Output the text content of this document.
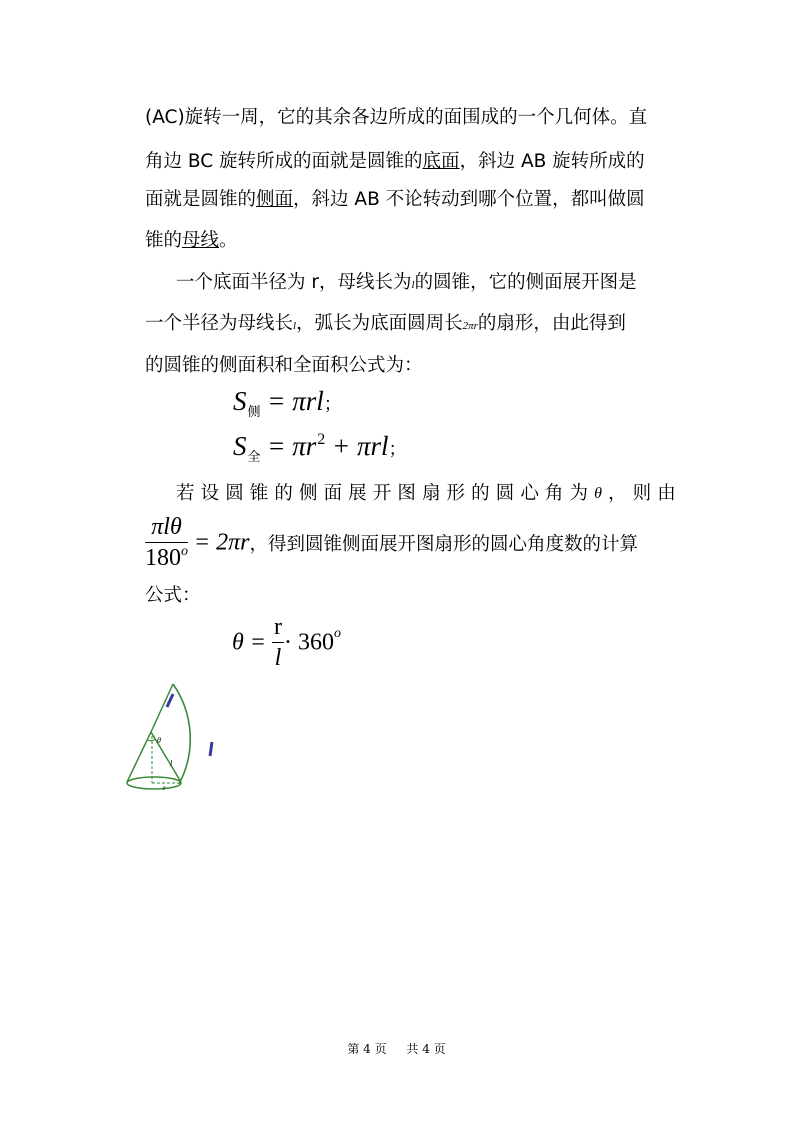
(AC)旋转一周，它的其余各边所成的面围成的一个几何体。直
角边 BC 旋转所成的面就是圆锥的底面，斜边 AB 旋转所成的
面就是圆锥的侧面，斜边 AB 不论转动到哪个位置，都叫做圆
锥的母线。
一个底面半径为 r，母线长为l的圆锥，它的侧面展开图是
一个半径为母线长l，弧长为底面圆周长2πr的扇形，由此得到
的圆锥的侧面积和全面积公式为：
$S_侧 = \pi rl$；
$S_全 = \pi r^2 + \pi rl$；
若 设 圆 锥 的 侧 面 展 开 图 扇 形 的 圆 心 角 为 θ ， 则 由
$\frac{\text{πlθ}}{180^o} = 2\pi r$，得到圆锥侧面展开图扇形的圆心角度数的计算
公式：
$\theta = \frac{r}{l} \cdot 360^o$
θ
l
r
第 4 页 共 4 页
